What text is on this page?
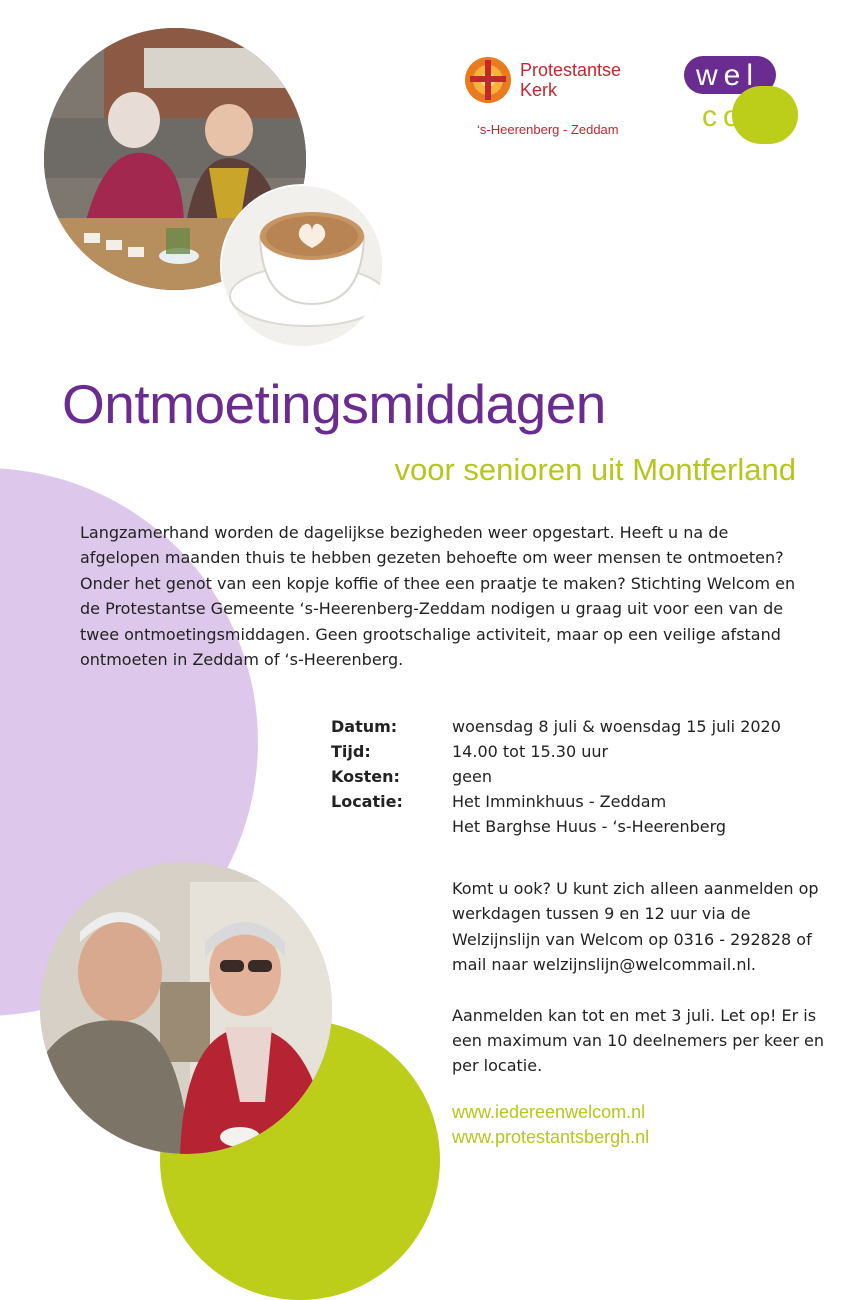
Protestantse
Kerk
‘s-Heerenberg - Zeddam
wel
com
Ontmoetingsmiddagen
voor senioren uit Montferland
Langzamerhand worden de dagelijkse bezigheden weer opgestart. Heeft u na de afgelopen maanden thuis te hebben gezeten behoefte om weer mensen te ontmoeten? Onder het genot van een kopje koffie of thee een praatje te maken? Stichting Welcom en de Protestantse Gemeente ‘s-Heerenberg-Zeddam nodigen u graag uit voor een van de twee ontmoetingsmiddagen. Geen grootschalige activiteit, maar op een veilige afstand ontmoeten in Zeddam of ‘s-Heerenberg.
Datum:	woensdag 8 juli & woensdag 15 juli 2020
Tijd:	14.00 tot 15.30 uur
Kosten:	geen
Locatie:	Het Imminkhuus - Zeddam
Het Barghse Huus - ‘s-Heerenberg

Komt u ook? U kunt zich alleen aanmelden op werkdagen tussen 9 en 12 uur via de Welzijnslijn van Welcom op 0316 - 292828 of mail naar welzijnslijn@welcommail.nl.

Aanmelden kan tot en met 3 juli. Let op! Er is een maximum van 10 deelnemers per keer en per locatie.

www.iedereenwelcom.nl
www.protestantsbergh.nl
